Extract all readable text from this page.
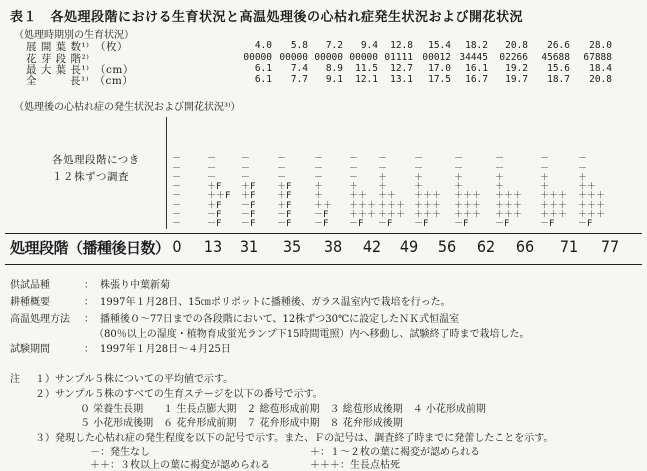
表１　各処理段階における生育状況と高温処理後の心枯れ症発生状況および開花状況
（処理時期別の生育状況）
展 開 葉 数¹⁾　（枚）	4.0	5.8	7.2	9.4	12.8	15.4	18.2	20.8	26.6	28.0
花 芽 段 階²⁾	00000 00000 00000 00000 01111 00012 34445	02266	45688	67888
最 大 葉 長¹⁾　（cm）	6.1	7.4	8.9	11.5	12.7	17.0	16.1	19.2	15.6	18.4
全　　　長¹⁾　（cm）	6.1	7.7	9.1	12.1	13.1	17.5	16.7	19.7	18.7	20.8
（処理後の心枯れ症の発生状況および開花状況³⁾）
各処理段階につき
１２株ずつ調査
－	－	－	－	－	－	－	－	－	－	－	－
－	－	－	－	－	－	－	－	－	－	－	－
－	－	－	－	－	－	＋	＋	＋	＋	＋	＋
－	＋F	＋F	＋F	＋	＋	＋	＋	＋	＋	＋	＋＋
－	＋＋F	＋F	＋F	＋	＋＋	＋＋	＋＋＋	＋＋＋	＋＋＋	＋＋＋	＋＋＋
－	＋F	－F	＋F	＋＋	＋＋＋ ＋＋＋ ＋＋＋	＋＋＋	＋＋＋	＋＋＋	＋＋＋
－	－F	－F	－F	－F	＋＋＋ ＋＋＋ ＋＋＋	＋＋＋	＋＋＋	＋＋＋	＋＋＋
－	－F	－F	－F	－F	－F	－F	－F	－F	－F	－F	－F
処理段階（播種後日数） 0	13	31	35	38	42	49	56	62	66	71	77
供試品種	： 株張り中葉新菊
耕種概要	： 1997年１月28日、15㎝ポリポットに播種後、ガラス温室内で栽培を行った。
高温処理方法 ： 播種後０～77日までの各段階において、12株ずつ30℃に設定したＮＫ式恒温室
（80％以上の湿度・植物育成蛍光ランプ下15時間電照）内へ移動し、試験終了時まで栽培した。
試験期間	： 1997年１月28日～４月25日
注 １）サンプル５株についての平均値で示す。
２）サンプル５株のすべての生育ステージを以下の番号で示す。
０ 栄養生長期　　１ 生長点膨大期　２ 総苞形成前期　３ 総苞形成後期　４ 小花形成前期
５ 小花形成後期　６ 花弁形成前期　７ 花弁形成中期　８ 花弁形成後期
３）発現した心枯れ症の発生程度を以下の記号で示す。また、Ｆの記号は、調査終了時までに発蕾したことを示す。
－：発生なし	＋：１～２枚の葉に褐変が認められる
＋＋：３枚以上の葉に褐変が認められる	＋＋＋：生長点枯死
